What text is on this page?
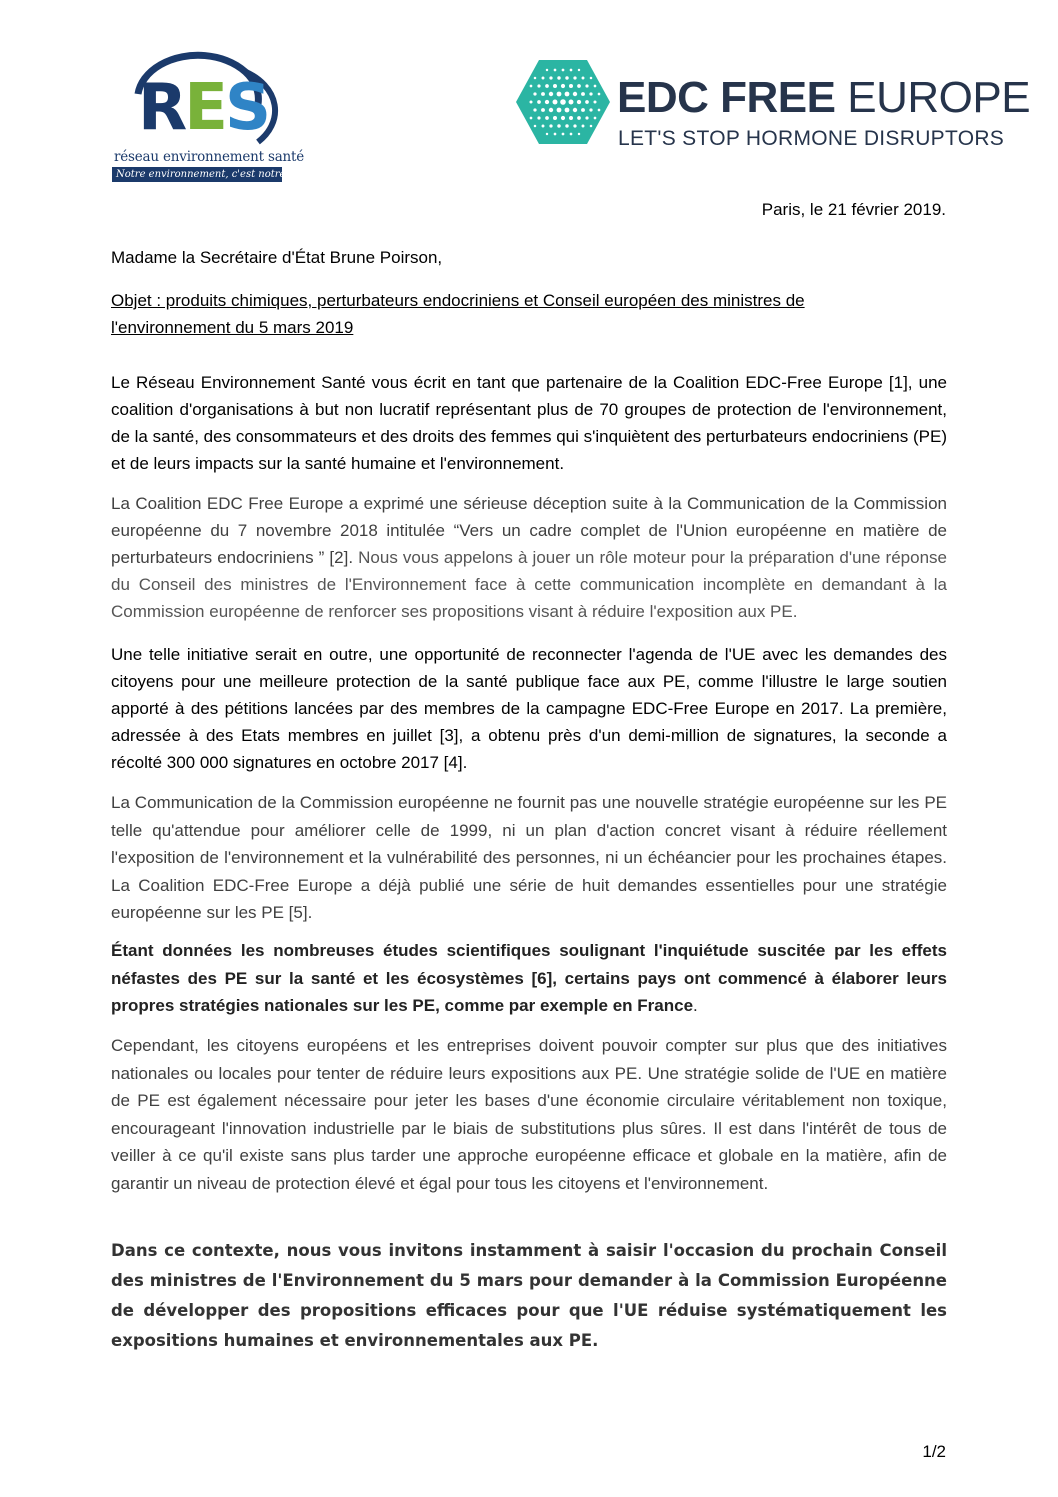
RES
réseau environnement santé
Notre environnement, c'est notre santé
EDC FREE EUROPE
LET'S STOP HORMONE DISRUPTORS
Paris, le 21 février 2019.
Madame la Secrétaire d'État Brune Poirson,
Objet : produits chimiques, perturbateurs endocriniens et Conseil européen des ministres de l'environnement du 5 mars 2019
Le Réseau Environnement Santé vous écrit en tant que partenaire de la Coalition EDC-Free Europe [1], une coalition d'organisations à but non lucratif représentant plus de 70 groupes de protection de l'environnement, de la santé, des consommateurs et des droits des femmes qui s'inquiètent des perturbateurs endocriniens (PE) et de leurs impacts sur la santé humaine et l'environnement.
La Coalition EDC Free Europe a exprimé une sérieuse déception suite à la Communication de la Commission européenne du 7 novembre 2018 intitulée “Vers un cadre complet de l'Union européenne en matière de perturbateurs endocriniens ” [2]. Nous vous appelons à jouer un rôle moteur pour la préparation d'une réponse du Conseil des ministres de l'Environnement face à cette communication incomplète en demandant à la Commission européenne de renforcer ses propositions visant à réduire l'exposition aux PE.
Une telle initiative serait en outre, une opportunité de reconnecter l'agenda de l'UE avec les demandes des citoyens pour une meilleure protection de la santé publique face aux PE, comme l'illustre le large soutien apporté à des pétitions lancées par des membres de la campagne EDC-Free Europe en 2017. La première, adressée à des Etats membres en juillet [3], a obtenu près d'un demi-million de signatures, la seconde a récolté 300 000 signatures en octobre 2017 [4].
La Communication de la Commission européenne ne fournit pas une nouvelle stratégie européenne sur les PE telle qu'attendue pour améliorer celle de 1999, ni un plan d'action concret visant à réduire réellement l'exposition de l'environnement et la vulnérabilité des personnes, ni un échéancier pour les prochaines étapes. La Coalition EDC-Free Europe a déjà publié une série de huit demandes essentielles pour une stratégie européenne sur les PE [5].
Étant données les nombreuses études scientifiques soulignant l'inquiétude suscitée par les effets néfastes des PE sur la santé et les écosystèmes [6], certains pays ont commencé à élaborer leurs propres stratégies nationales sur les PE, comme par exemple en France.
Cependant, les citoyens européens et les entreprises doivent pouvoir compter sur plus que des initiatives nationales ou locales pour tenter de réduire leurs expositions aux PE. Une stratégie solide de l'UE en matière de PE est également nécessaire pour jeter les bases d'une économie circulaire véritablement non toxique, encourageant l'innovation industrielle par le biais de substitutions plus sûres. Il est dans l'intérêt de tous de veiller à ce qu'il existe sans plus tarder une approche européenne efficace et globale en la matière, afin de garantir un niveau de protection élevé et égal pour tous les citoyens et l'environnement.
Dans ce contexte, nous vous invitons instamment à saisir l'occasion du prochain Conseil des ministres de l'Environnement du 5 mars pour demander à la Commission Européenne de développer des propositions efficaces pour que l'UE réduise systématiquement les expositions humaines et environnementales aux PE.
1/2
